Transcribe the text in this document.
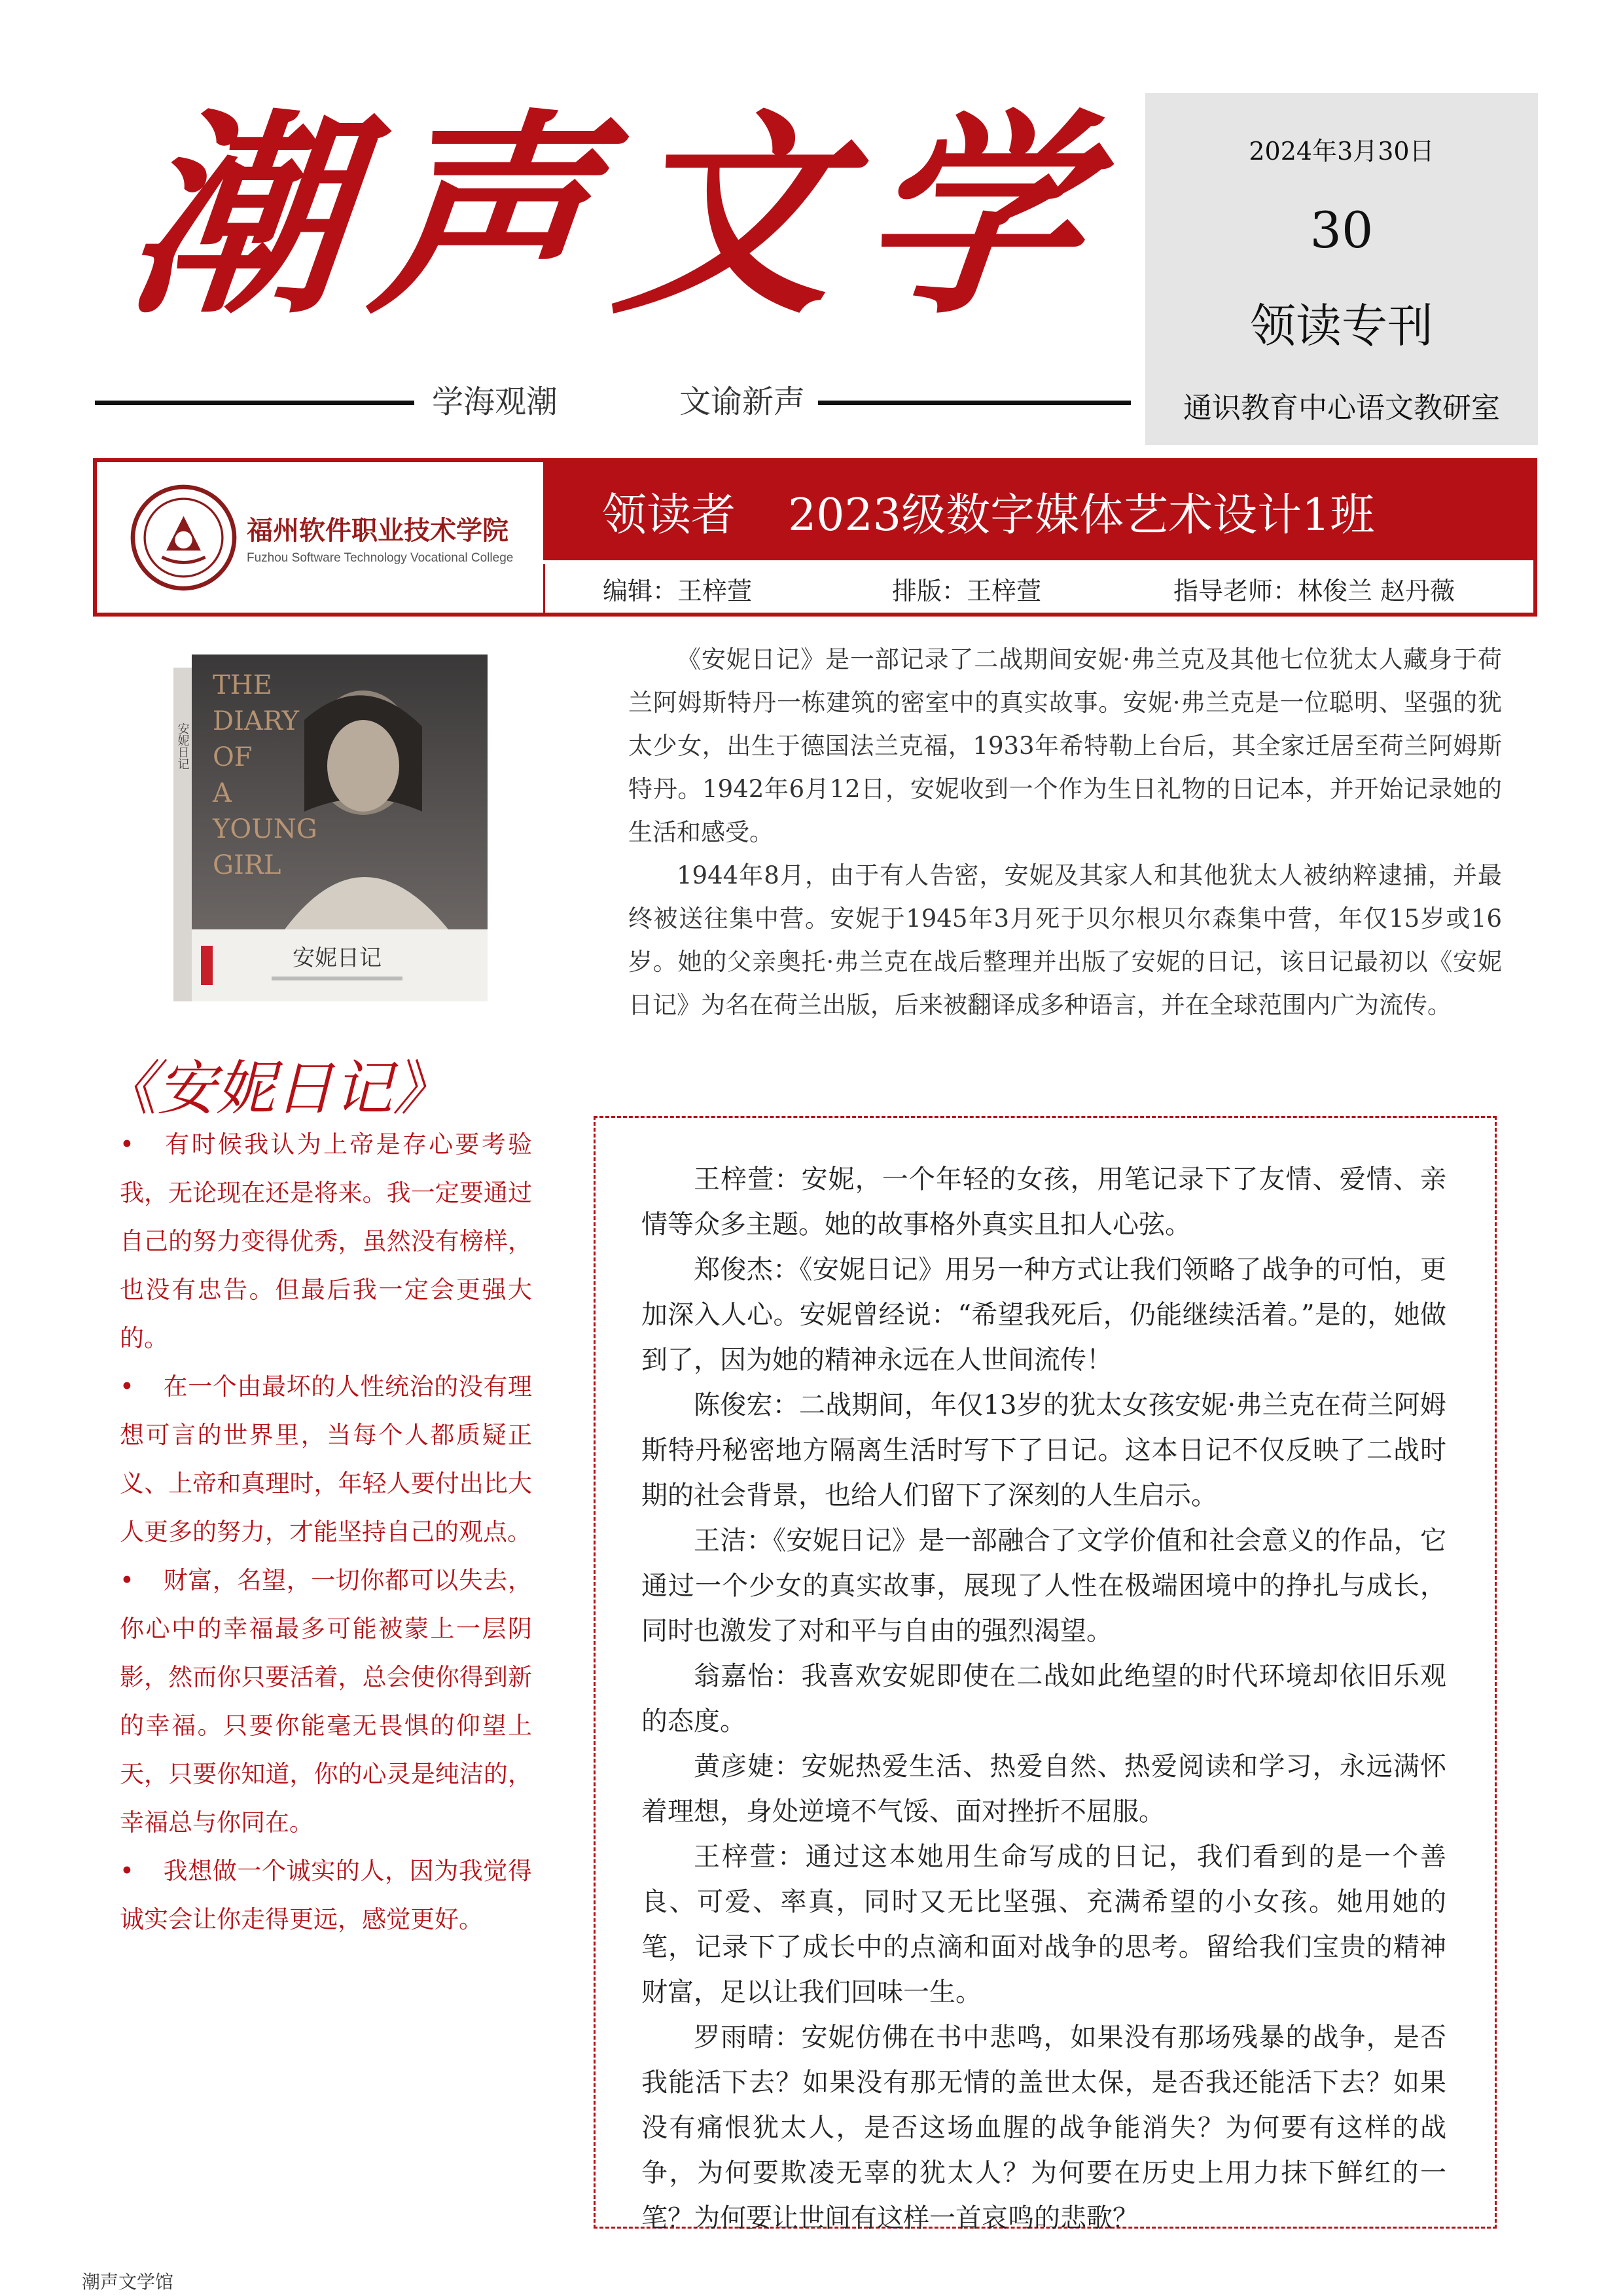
潮 声 文 学
学海观潮	文谕新声
2024年3月30日
30
领读专刊
通识教育中心语文教研室
福州软件职业技术学院
Fuzhou Software Technology Vocational College
领读者 2023级数字媒体艺术设计1班
编辑：王梓萱	排版：王梓萱	指导老师：林俊兰 赵丹薇
安妮日记
THE
DIARY
OF
A
YOUNG
GIRL
安妮日记

《安妮日记》是一部记录了二战期间安妮·弗兰克及其他七位犹太人藏身于荷兰阿姆斯特丹一栋建筑的密室中的真实故事。安妮·弗兰克是一位聪明、坚强的犹太少女，出生于德国法兰克福，1933年希特勒上台后，其全家迁居至荷兰阿姆斯特丹。1942年6月12日，安妮收到一个作为生日礼物的日记本，并开始记录她的生活和感受。

1944年8月，由于有人告密，安妮及其家人和其他犹太人被纳粹逮捕，并最终被送往集中营。安妮于1945年3月死于贝尔根贝尔森集中营，年仅15岁或16岁。她的父亲奥托·弗兰克在战后整理并出版了安妮的日记，该日记最初以《安妮日记》为名在荷兰出版，后来被翻译成多种语言，并在全球范围内广为流传。

《安妮日记》

• 有时候我认为上帝是存心要考验我，无论现在还是将来。我一定要通过自己的努力变得优秀，虽然没有榜样，也没有忠告。但最后我一定会更强大的。

• 在一个由最坏的人性统治的没有理想可言的世界里，当每个人都质疑正义、上帝和真理时，年轻人要付出比大人更多的努力，才能坚持自己的观点。

• 财富，名望，一切你都可以失去，你心中的幸福最多可能被蒙上一层阴影，然而你只要活着，总会使你得到新的幸福。只要你能毫无畏惧的仰望上天，只要你知道，你的心灵是纯洁的，幸福总与你同在。

• 我想做一个诚实的人，因为我觉得诚实会让你走得更远，感觉更好。

王梓萱：安妮，一个年轻的女孩，用笔记录下了友情、爱情、亲情等众多主题。她的故事格外真实且扣人心弦。

郑俊杰：《安妮日记》用另一种方式让我们领略了战争的可怕，更加深入人心。安妮曾经说：“希望我死后，仍能继续活着。”是的，她做到了，因为她的精神永远在人世间流传！

陈俊宏：二战期间，年仅13岁的犹太女孩安妮·弗兰克在荷兰阿姆斯特丹秘密地方隔离生活时写下了日记。这本日记不仅反映了二战时期的社会背景，也给人们留下了深刻的人生启示。

王洁：《安妮日记》是一部融合了文学价值和社会意义的作品，它通过一个少女的真实故事，展现了人性在极端困境中的挣扎与成长，同时也激发了对和平与自由的强烈渴望。

翁嘉怡：我喜欢安妮即使在二战如此绝望的时代环境却依旧乐观的态度。

黄彦婕：安妮热爱生活、热爱自然、热爱阅读和学习，永远满怀着理想，身处逆境不气馁、面对挫折不屈服。

王梓萱：通过这本她用生命写成的日记，我们看到的是一个善良、可爱、率真，同时又无比坚强、充满希望的小女孩。她用她的笔，记录下了成长中的点滴和面对战争的思考。留给我们宝贵的精神财富，足以让我们回味一生。

罗雨晴：安妮仿佛在书中悲鸣，如果没有那场残暴的战争，是否我能活下去？如果没有那无情的盖世太保，是否我还能活下去？如果没有痛恨犹太人，是否这场血腥的战争能消失？为何要有这样的战争，为何要欺凌无辜的犹太人？为何要在历史上用力抹下鲜红的一笔？为何要让世间有这样一首哀鸣的悲歌？

潮声文学馆
